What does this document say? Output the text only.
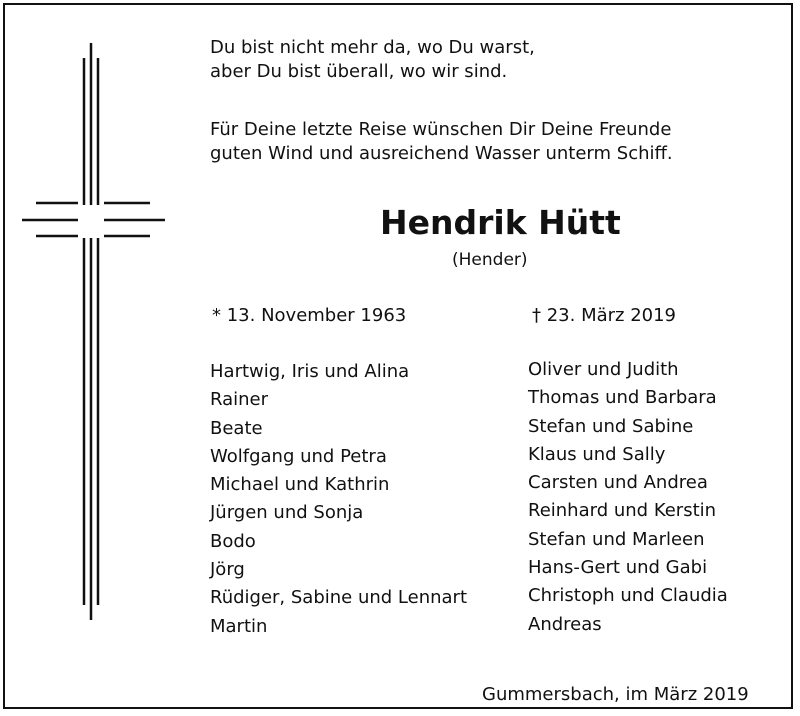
Du bist nicht mehr da, wo Du warst,
aber Du bist überall, wo wir sind.
Für Deine letzte Reise wünschen Dir Deine Freunde
guten Wind und ausreichend Wasser unterm Schiff.
Hendrik Hütt
(Hender)
* 13. November 1963	† 23. März 2019
Hartwig, Iris und Alina
Rainer
Beate
Wolfgang und Petra
Michael und Kathrin
Jürgen und Sonja
Bodo
Jörg
Rüdiger, Sabine und Lennart
Martin
Oliver und Judith
Thomas und Barbara
Stefan und Sabine
Klaus und Sally
Carsten und Andrea
Reinhard und Kerstin
Stefan und Marleen
Hans-Gert und Gabi
Christoph und Claudia
Andreas
Gummersbach, im März 2019
